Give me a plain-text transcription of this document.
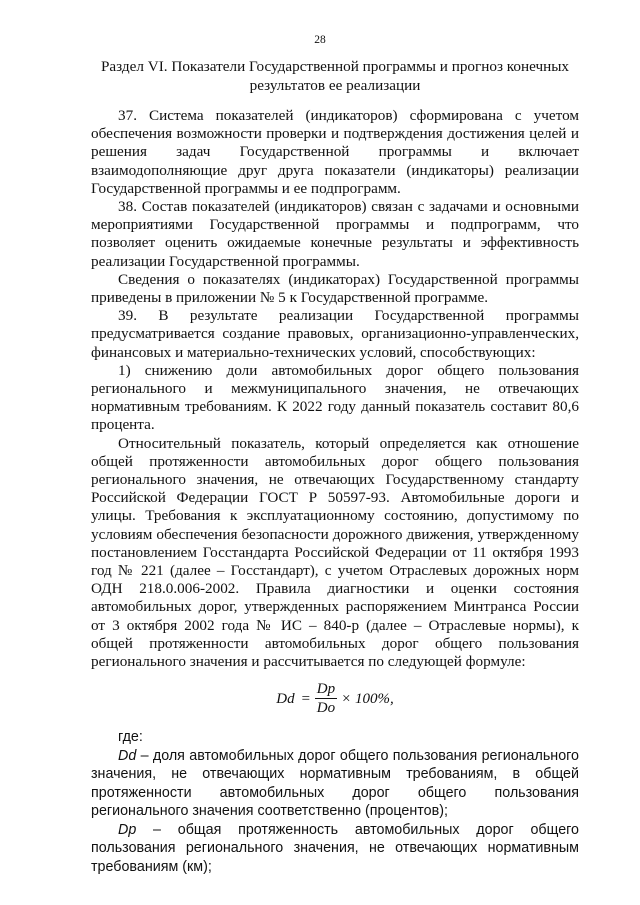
28
Раздел VI. Показатели Государственной программы и прогноз конечных
результатов ее реализации

37. Система показателей (индикаторов) сформирована с учетом обеспечения возможности проверки и подтверждения достижения целей и решения задач Государственной программы и включает взаимодополняющие друг друга показатели (индикаторы) реализации Государственной программы и ее подпрограмм.

38. Состав показателей (индикаторов) связан с задачами и основными мероприятиями Государственной программы и подпрограмм, что позволяет оценить ожидаемые конечные результаты и эффективность реализации Государственной программы.

Сведения о показателях (индикаторах) Государственной программы приведены в приложении № 5 к Государственной программе.

39. В результате реализации Государственной программы предусматривается создание правовых, организационно-управленческих, финансовых и материально-технических условий, способствующих:

1) снижению доли автомобильных дорог общего пользования регионального и межмуниципального значения, не отвечающих нормативным требованиям. К 2022 году данный показатель составит 80,6 процента.

Относительный показатель, который определяется как отношение общей протяженности автомобильных дорог общего пользования регионального значения, не отвечающих Государственному стандарту Российской Федерации ГОСТ Р 50597-93. Автомобильные дороги и улицы. Требования к эксплуатационному состоянию, допустимому по условиям обеспечения безопасности дорожного движения, утвержденному постановлением Госстандарта Российской Федерации от 11 октября 1993 год № 221 (далее – Госстандарт), с учетом Отраслевых дорожных норм ОДН 218.0.006-2002. Правила диагностики и оценки состояния автомобильных дорог, утвержденных распоряжением Минтранса России от 3 октября 2002 года № ИС – 840-р (далее – Отраслевые нормы), к общей протяженности автомобильных дорог общего пользования регионального значения и рассчитывается по следующей формуле:

$Dd = \frac{Dp}{Do} \times 100\%$,

где:

Dd – доля автомобильных дорог общего пользования регионального значения, не отвечающих нормативным требованиям, в общей протяженности автомобильных дорог общего пользования регионального значения соответственно (процентов);

Dp – общая протяженность автомобильных дорог общего пользования регионального значения, не отвечающих нормативным требованиям (км);
